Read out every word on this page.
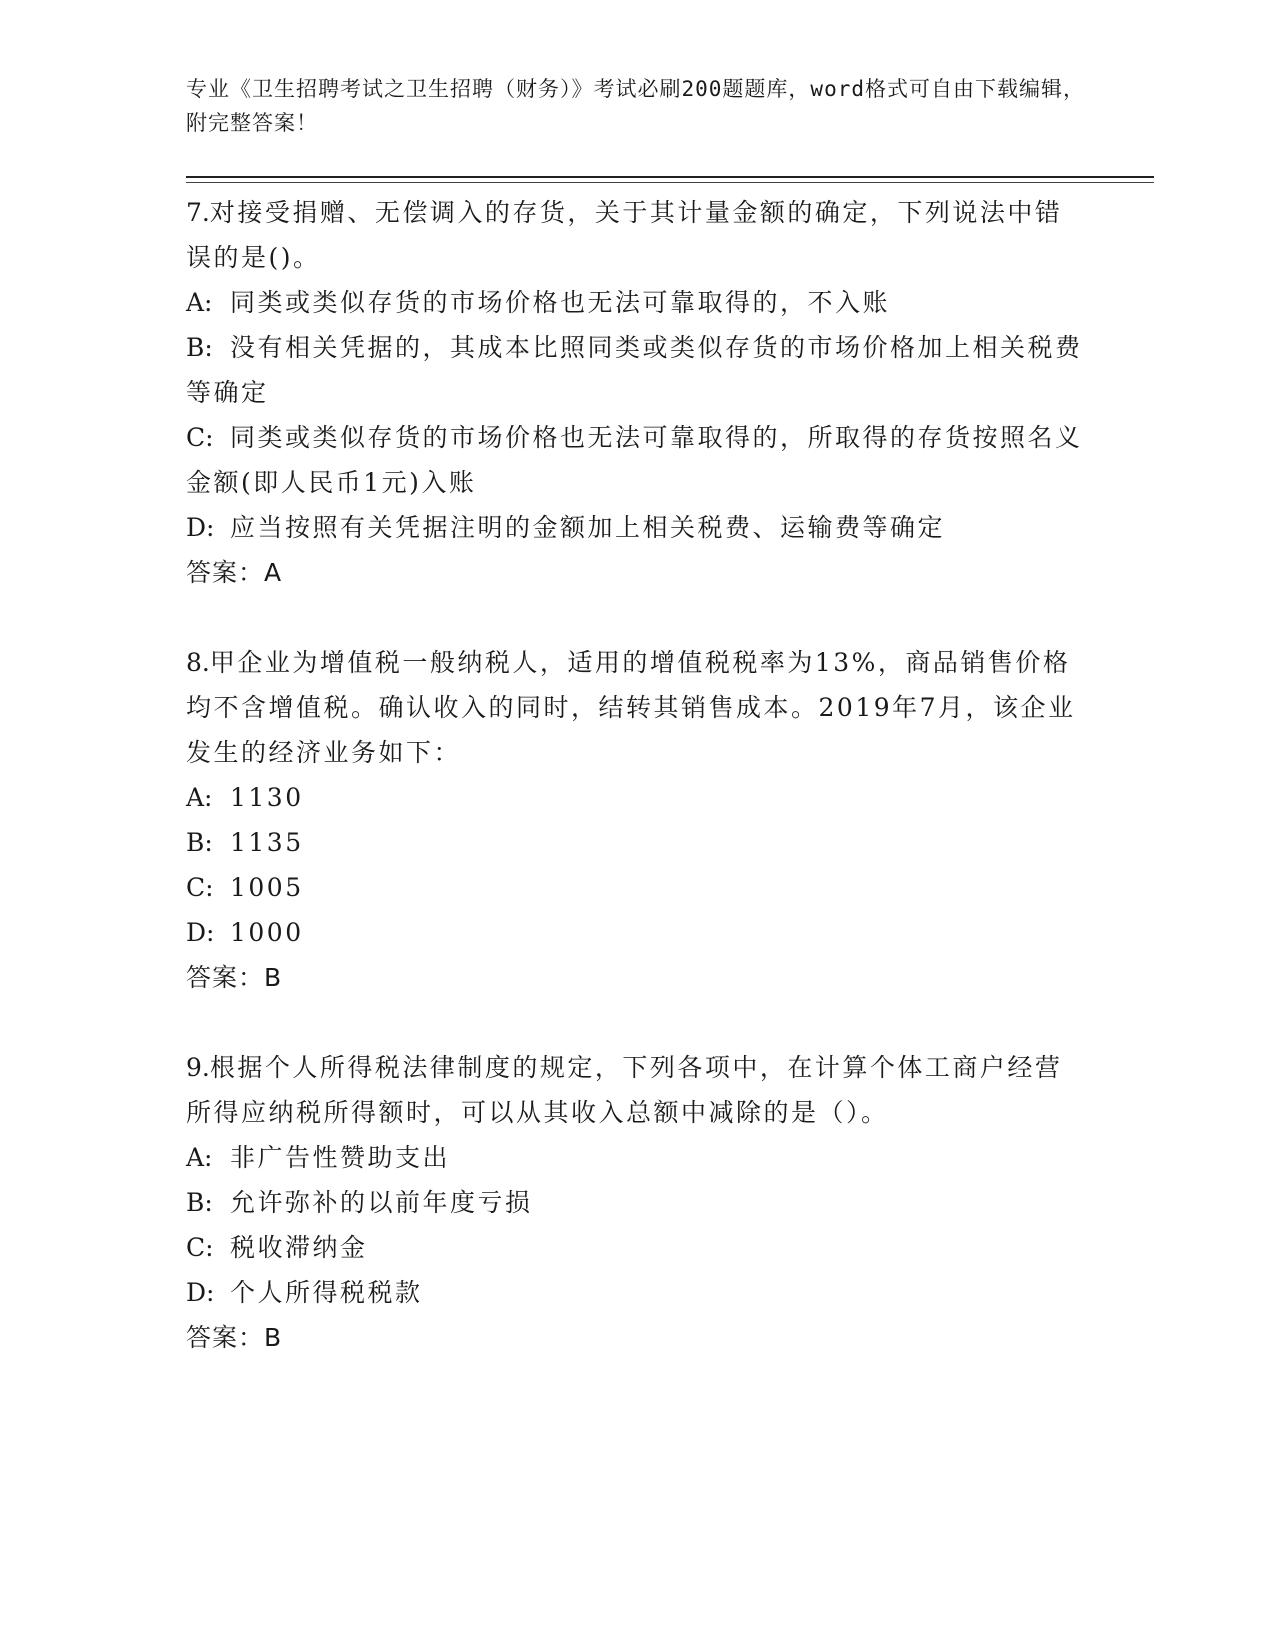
专业《卫生招聘考试之卫生招聘（财务）》考试必刷200题题库，word格式可自由下载编辑，附完整答案！

7.对接受捐赠、无偿调入的存货，关于其计量金额的确定，下列说法中错误的是()。

A: 同类或类似存货的市场价格也无法可靠取得的，不入账

B: 没有相关凭据的，其成本比照同类或类似存货的市场价格加上相关税费等确定

C: 同类或类似存货的市场价格也无法可靠取得的，所取得的存货按照名义金额(即人民币1元)入账

D: 应当按照有关凭据注明的金额加上相关税费、运输费等确定

答案：A

8.甲企业为增值税一般纳税人，适用的增值税税率为13%，商品销售价格均不含增值税。确认收入的同时，结转其销售成本。2019年7月，该企业发生的经济业务如下：

A: 1130

B: 1135

C: 1005

D: 1000

答案：B

9.根据个人所得税法律制度的规定，下列各项中，在计算个体工商户经营所得应纳税所得额时，可以从其收入总额中减除的是（）。

A: 非广告性赞助支出

B: 允许弥补的以前年度亏损

C: 税收滞纳金

D: 个人所得税税款

答案：B
